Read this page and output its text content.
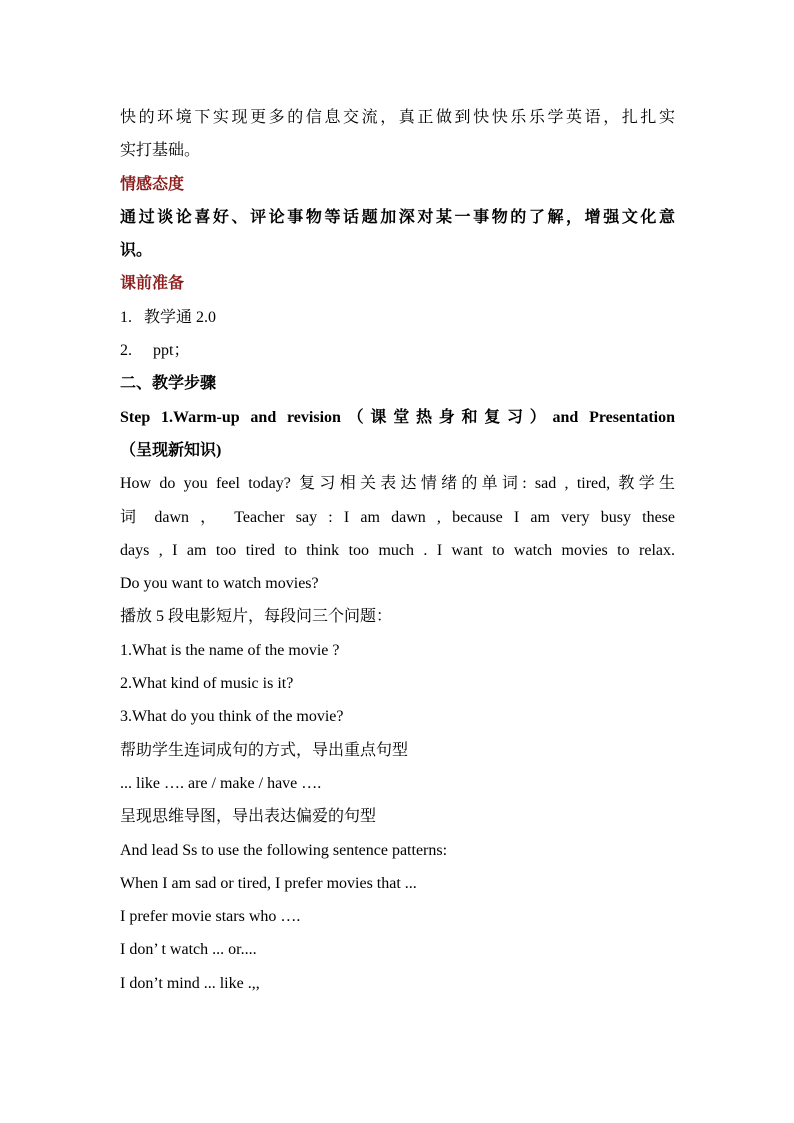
快的环境下实现更多的信息交流，真正做到快快乐乐学英语，扎扎实
实打基础。
情感态度
通过谈论喜好、评论事物等话题加深对某一事物的了解，增强文化意
识。
课前准备
1. 教学通 2.0
2. ppt；
二、教学步骤
Step 1.Warm-up and revision（课堂热身和复习）and Presentation
（呈现新知识)
How do you feel today? 复习相关表达情绪的单词: sad , tired, 教学生
词 dawn ， Teacher say : I am dawn , because I am very busy these
days , I am too tired to think too much . I want to watch movies to relax.
Do you want to watch movies?
播放 5 段电影短片，每段问三个问题：
1.What is the name of the movie ?
2.What kind of music is it?
3.What do you think of the movie?
帮助学生连词成句的方式，导出重点句型
... like …. are / make / have ….
呈现思维导图，导出表达偏爱的句型
And lead Ss to use the following sentence patterns:
When I am sad or tired, I prefer movies that ...
I prefer movie stars who ….
I don’ t watch ... or....
I don’t mind ... like .,,
